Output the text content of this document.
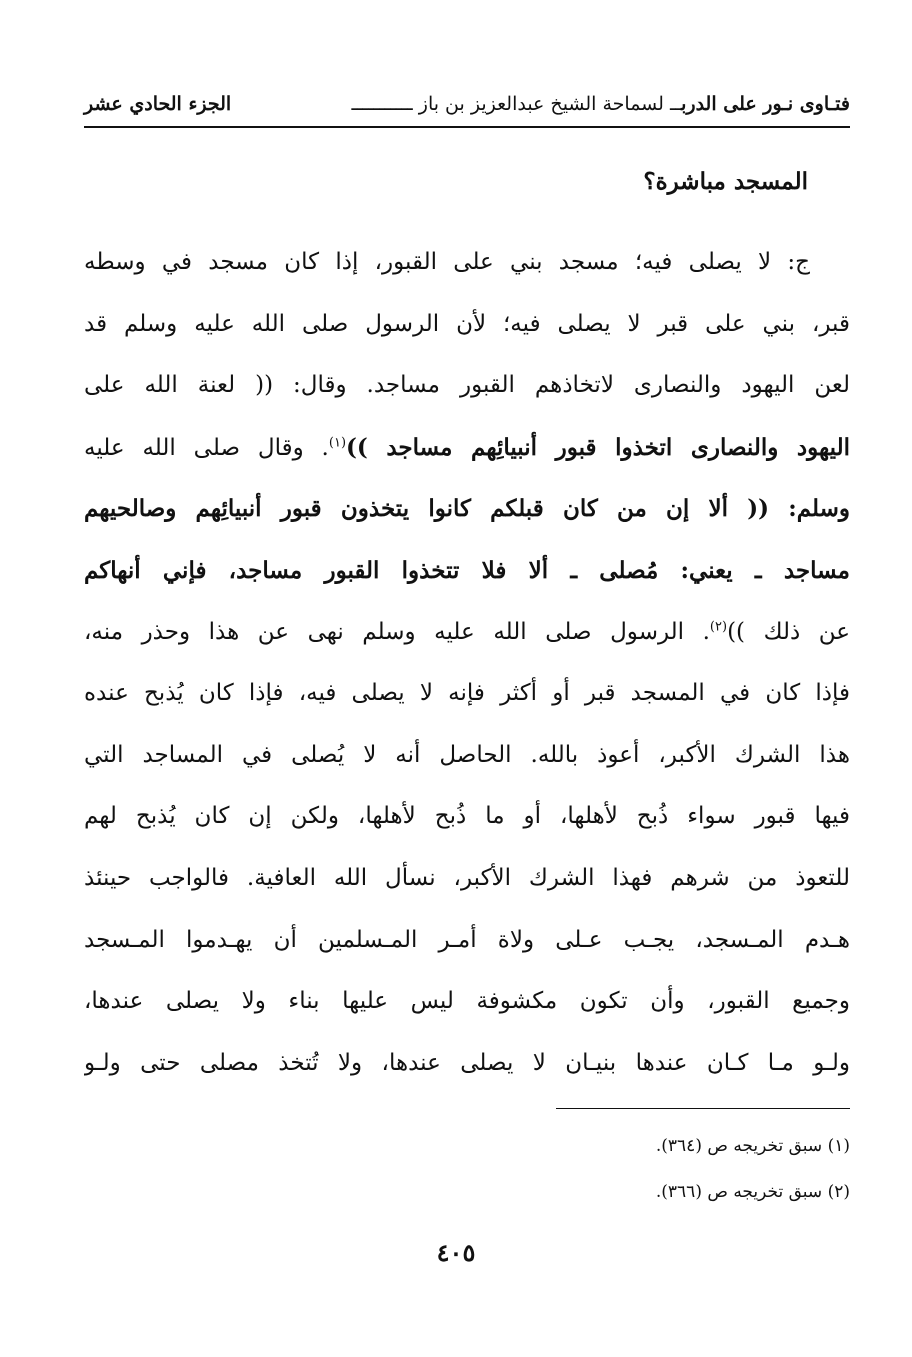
فتـاوى نـور على الدربــ لسماحة الشيخ عبدالعزيز بن باز ـــــــــــ
الجزء الحادي عشر
المسجد مباشرة؟
ج: لا يصلى فيه؛ مسجد بني على القبور، إذا كان مسجد في وسطه
قبر، بني على قبر لا يصلى فيه؛ لأن الرسول صلى الله عليه وسلم قد
لعن اليهود والنصارى لاتخاذهم القبور مساجد. وقال: (( لعنة الله على
اليهود والنصارى اتخذوا قبور أنبيائِهم مساجد ))$^{(١)}$. وقال صلى الله عليه
وسلم: (( ألا إن من كان قبلكم كانوا يتخذون قبور أنبيائِهم وصالحيهم
مساجد ـ يعني: مُصلى ـ ألا فلا تتخذوا القبور مساجد، فإني أنهاكم
عن ذلك ))$^{(٢)}$. الرسول صلى الله عليه وسلم نهى عن هذا وحذر منه،
فإذا كان في المسجد قبر أو أكثر فإنه لا يصلى فيه، فإذا كان يُذبح عنده
هذا الشرك الأكبر، أعوذ بالله. الحاصل أنه لا يُصلى في المساجد التي
فيها قبور سواء ذُبح لأهلها، أو ما ذُبح لأهلها، ولكن إن كان يُذبح لهم
للتعوذ من شرهم فهذا الشرك الأكبر، نسأل الله العافية. فالواجب حينئذ
هـدم المـسجد، يجـب عـلى ولاة أمـر المـسلمين أن يهـدموا المـسجد
وجميع القبور، وأن تكون مكشوفة ليس عليها بناء ولا يصلى عندها،
ولـو مـا كـان عندها بنيـان لا يصلى عندها، ولا تُتخذ مصلى حتى ولـو
(١) سبق تخريجه ص (٣٦٤).
(٢) سبق تخريجه ص (٣٦٦).
٤٠٥
